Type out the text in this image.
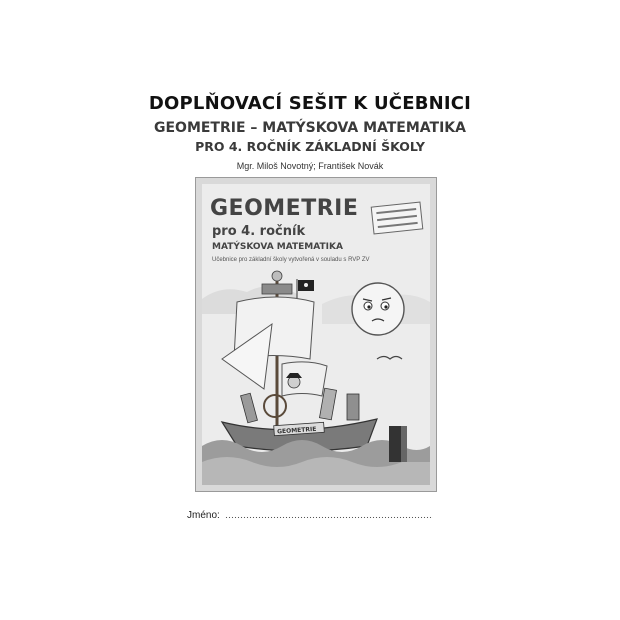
DOPLŇOVACÍ SEŠIT K UČEBNICI
GEOMETRIE – MATÝSKOVA MATEMATIKA
PRO 4. ROČNÍK ZÁKLADNÍ ŠKOLY
Mgr. Miloš Novotný; František Novák
GEOMETRIE
GEOMETRIE
pro 4. ročník
MATÝSKOVA MATEMATIKA
Učebnice pro základní školy vytvořená v souladu s RVP ZV
Jméno:
